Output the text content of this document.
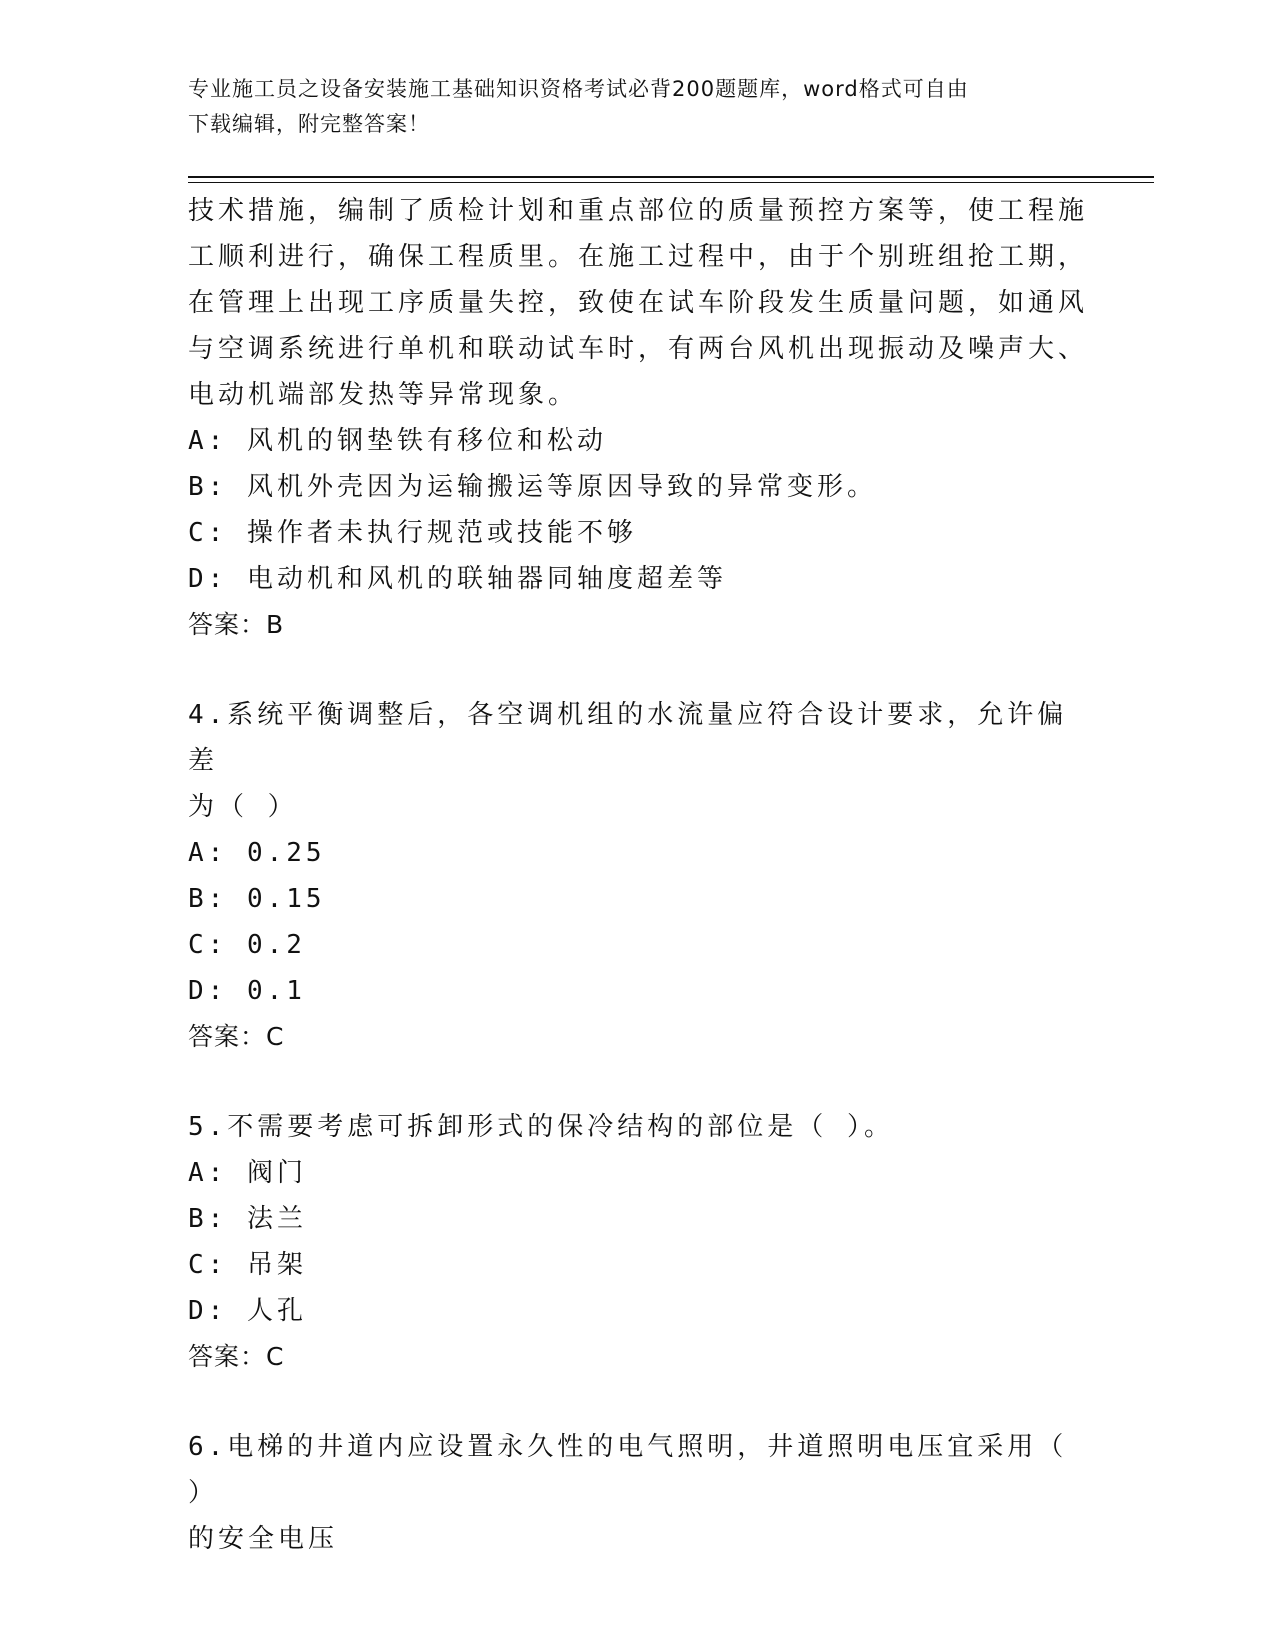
专业施工员之设备安装施工基础知识资格考试必背200题题库，word格式可自由
下载编辑，附完整答案！

技术措施，编制了质检计划和重点部位的质量预控方案等，使工程施

工顺利进行，确保工程质里。在施工过程中，由于个别班组抢工期，

在管理上出现工序质量失控，致使在试车阶段发生质量问题，如通风

与空调系统进行单机和联动试车时，有两台风机出现振动及噪声大、

电动机端部发热等异常现象。

A: 风机的钢垫铁有移位和松动

B: 风机外壳因为运输搬运等原因导致的异常变形。

C: 操作者未执行规范或技能不够

D: 电动机和风机的联轴器同轴度超差等

答案：B

4.系统平衡调整后，各空调机组的水流量应符合设计要求，允许偏差

为（ ）

A: 0.25

B: 0.15

C: 0.2

D: 0.1

答案：C

5.不需要考虑可拆卸形式的保冷结构的部位是（ ）。

A: 阀门

B: 法兰

C: 吊架

D: 人孔

答案：C

6.电梯的井道内应设置永久性的电气照明，井道照明电压宜采用（ ）

的安全电压
